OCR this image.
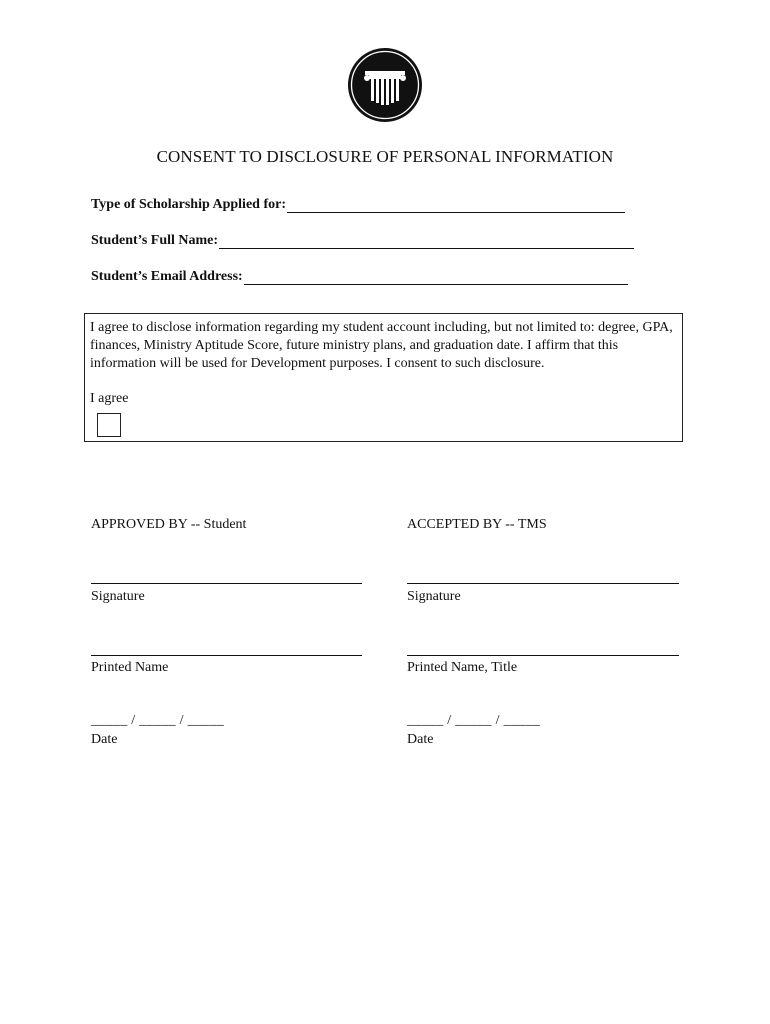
CONSENT TO DISCLOSURE OF PERSONAL INFORMATION
Type of Scholarship Applied for:
Student’s Full Name:
Student’s Email Address:
I agree to disclose information regarding my student account including, but not limited to: degree, GPA, finances, Ministry Aptitude Score, future ministry plans, and graduation date. I affirm that this information will be used for Development purposes. I consent to such disclosure.
I agree
APPROVED BY -- Student
Signature
Printed Name
_____ / _____ / _____
Date
ACCEPTED BY -- TMS
Signature
Printed Name, Title
_____ / _____ / _____
Date
